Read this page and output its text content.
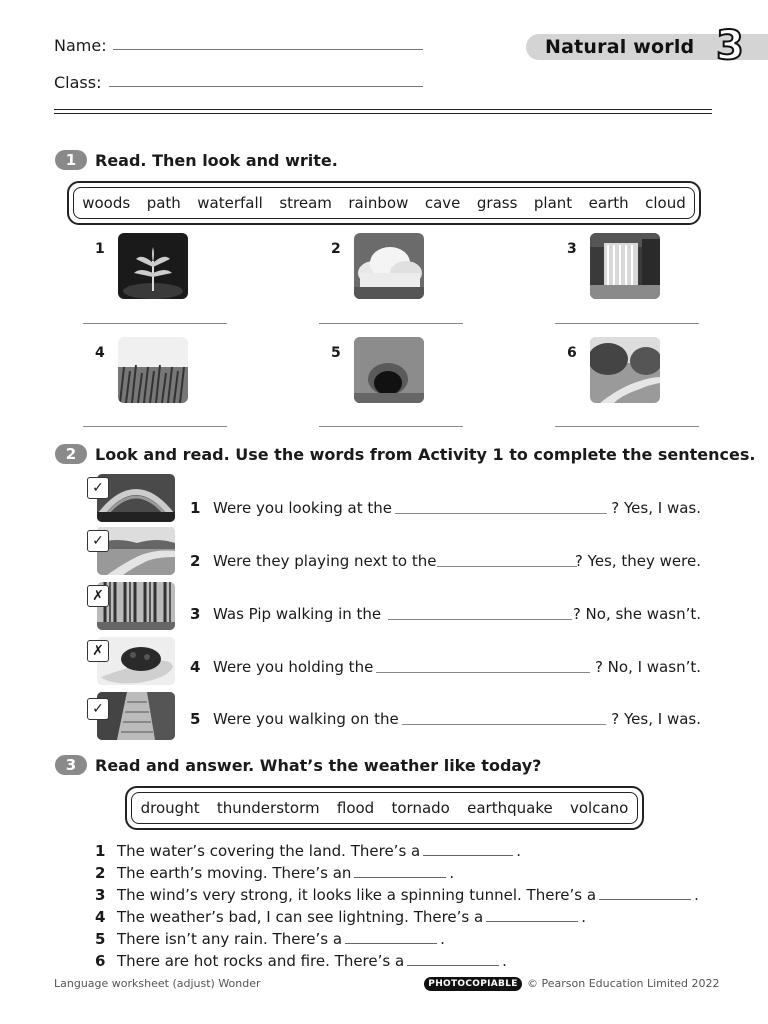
Name:
Class:
Natural world 3
1	Read. Then look and write.
woods path waterfall stream rainbow cave grass plant earth cloud
1	2	3
4	5	6
2	Look and read. Use the words from Activity 1 to complete the sentences.
✓
1 Were you looking at the	? Yes, I was.
✓
2 Were they playing next to the	? Yes, they were.
✗
3 Was Pip walking in the	? No, she wasn’t.
✗
4 Were you holding the	? No, I wasn’t.
✓
5 Were you walking on the	? Yes, I was.
3	Read and answer. What’s the weather like today?
drought thunderstorm flood tornado earthquake volcano
1 The water’s covering the land. There’s a	.
2 The earth’s moving. There’s an	.
3 The wind’s very strong, it looks like a spinning tunnel. There’s a	.
4 The weather’s bad, I can see lightning. There’s a	.
5 There isn’t any rain. There’s a	.
6 There are hot rocks and fire. There’s a	.
Language worksheet (adjust) Wonder	PHOTOCOPIABLE © Pearson Education Limited 2022
